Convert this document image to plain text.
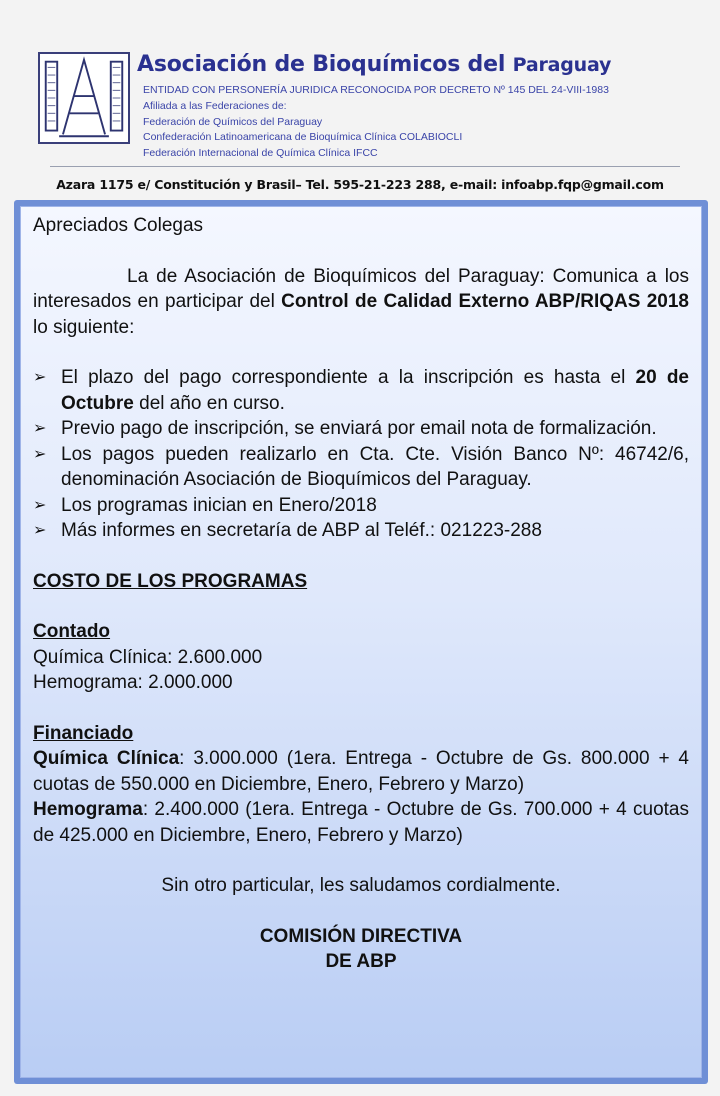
Asociación de Bioquímicos del Paraguay
ENTIDAD CON PERSONERÍA JURIDICA RECONOCIDA POR DECRETO Nº 145 DEL 24-VIII-1983
Afiliada a las Federaciones de:
Federación de Químicos del Paraguay
Confederación Latinoamericana de Bioquímica Clínica COLABIOCLI
Federación Internacional de Química Clínica IFCC
Azara 1175 e/ Constitución y Brasil– Tel. 595-21-223 288, e-mail: infoabp.fqp@gmail.com
Apreciados Colegas

La de Asociación de Bioquímicos del Paraguay: Comunica a los interesados en participar del Control de Calidad Externo ABP/RIQAS 2018 lo siguiente:

➢ El plazo del pago correspondiente a la inscripción es hasta el 20 de Octubre del año en curso.
➢ Previo pago de inscripción, se enviará por email nota de formalización.
➢ Los pagos pueden realizarlo en Cta. Cte. Visión Banco Nº: 46742/6, denominación Asociación de Bioquímicos del Paraguay.
➢ Los programas inician en Enero/2018
➢ Más informes en secretaría de ABP al Teléf.: 021223-288
COSTO DE LOS PROGRAMAS
Contado
Química Clínica: 2.600.000
Hemograma: 2.000.000
Financiado

Química Clínica: 3.000.000 (1era. Entrega - Octubre de Gs. 800.000 + 4 cuotas de 550.000 en Diciembre, Enero, Febrero y Marzo)

Hemograma: 2.400.000 (1era. Entrega - Octubre de Gs. 700.000 + 4 cuotas de 425.000 en Diciembre, Enero, Febrero y Marzo)

Sin otro particular, les saludamos cordialmente.
COMISIÓN DIRECTIVA
DE ABP
